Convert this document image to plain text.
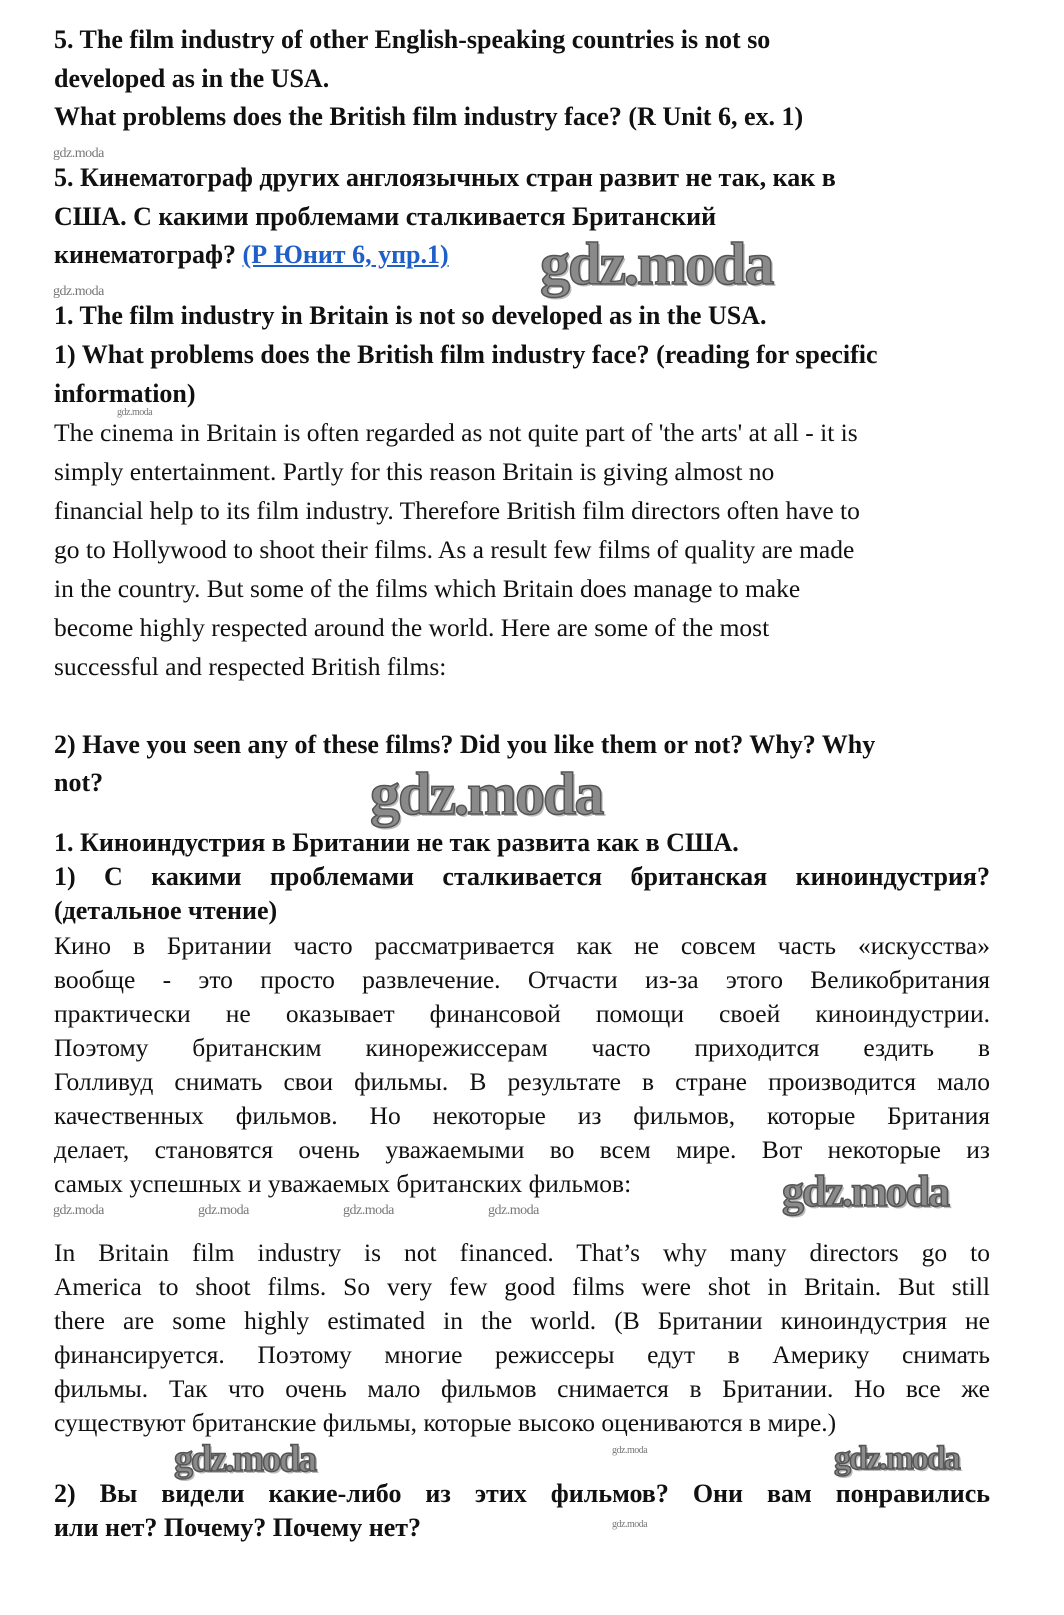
5. The film industry of other English-speaking countries is not so
developed as in the USA.
What problems does the British film industry face? (R Unit 6, ex. 1)
gdz.moda
5. Кинематограф других англоязычных стран развит не так, как в
США. С какими проблемами сталкивается Британский
кинематограф? (Р Юнит 6, упр.1) gdz.moda
gdz.moda
1. The film industry in Britain is not so developed as in the USA.
1) What problems does the British film industry face? (reading for specific
information)
gdz.moda
The cinema in Britain is often regarded as not quite part of 'the arts' at all - it is
simply entertainment. Partly for this reason Britain is giving almost no
financial help to its film industry. Therefore British film directors often have to
go to Hollywood to shoot their films. As a result few films of quality are made
in the country. But some of the films which Britain does manage to make
become highly respected around the world. Here are some of the most
successful and respected British films:
2) Have you seen any of these films? Did you like them or not? Why? Why
not?	gdz.moda
1. Киноиндустрия в Британии не так развита как в США.
1) С какими проблемами сталкивается британская киноиндустрия?
(детальное чтение)
Кино в Британии часто рассматривается как не совсем часть «искусства»
вообще - это просто развлечение. Отчасти из-за этого Великобритания
практически не оказывает финансовой помощи своей киноиндустрии.
Поэтому британским кинорежиссерам часто приходится ездить в
Голливуд снимать свои фильмы. В результате в стране производится мало
качественных фильмов. Но некоторые из фильмов, которые Британия
делает, становятся очень уважаемыми во всем мире. Вот некоторые из
самых успешных и уважаемых британских фильмов:	gdz.moda
gdz.moda	gdz.moda	gdz.moda	gdz.moda
In Britain film industry is not financed. That’s why many directors go to
America to shoot films. So very few good films were shot in Britain. But still
there are some highly estimated in the world. (В Британии киноиндустрия не
финансируется. Поэтому многие режиссеры едут в Америку снимать
фильмы. Так что очень мало фильмов снимается в Британии. Но все же
существуют британские фильмы, которые высоко оцениваются в мире.)
gdz.moda	gdz.moda	gdz.moda
2) Вы видели какие-либо из этих фильмов? Они вам понравились
или нет? Почему? Почему нет?	gdz.moda
